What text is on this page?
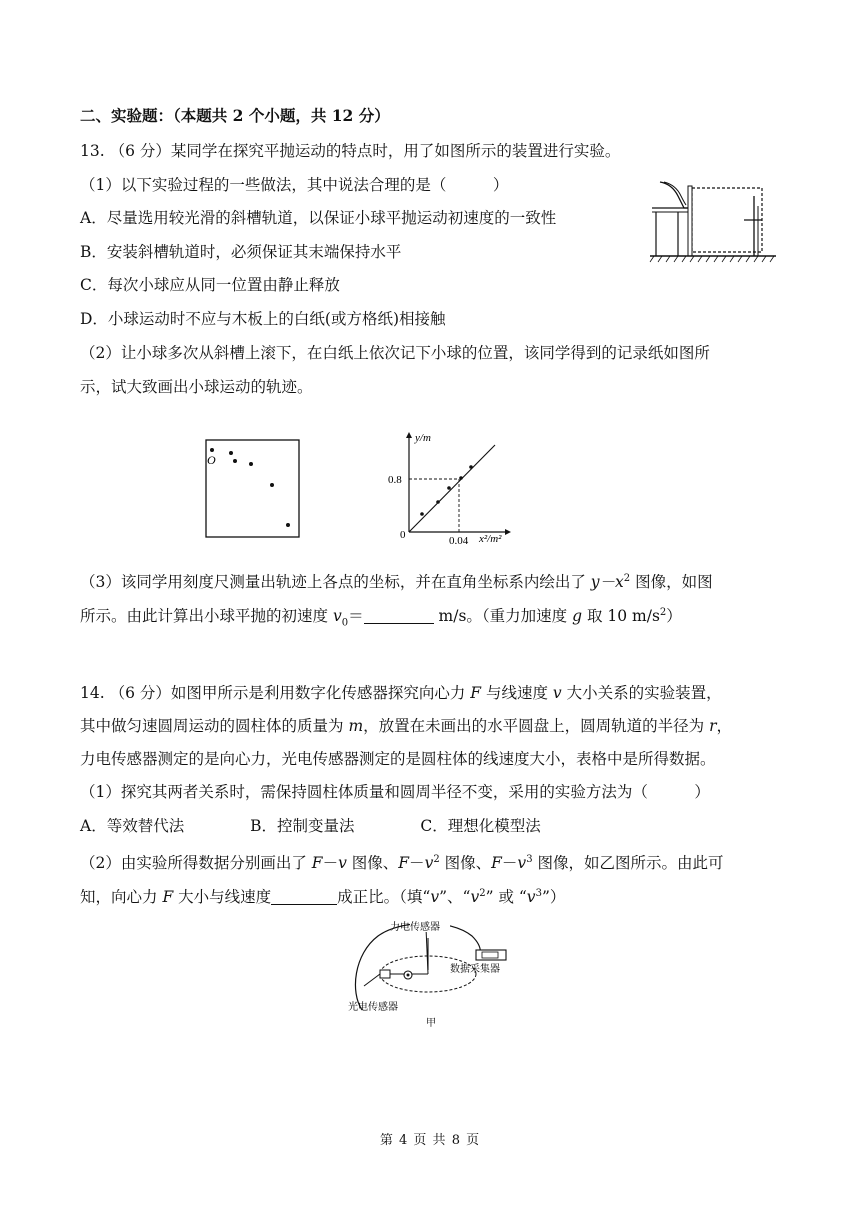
二、实验题：（本题共 2 个小题，共 12 分）
13. （6 分）某同学在探究平抛运动的特点时，用了如图所示的装置进行实验。
（1）以下实验过程的一些做法，其中说法合理的是（　　　）
A．尽量选用较光滑的斜槽轨道，以保证小球平抛运动初速度的一致性
B．安装斜槽轨道时，必须保证其末端保持水平
C．每次小球应从同一位置由静止释放
D．小球运动时不应与木板上的白纸(或方格纸)相接触
（2）让小球多次从斜槽上滚下，在白纸上依次记下小球的位置，该同学得到的记录纸如图所
示，试大致画出小球运动的轨迹。
O
y/m
0.8
0	0.04 x²/m²
（3）该同学用刻度尺测量出轨迹上各点的坐标，并在直角坐标系内绘出了 $y-x^2$ 图像，如图
所示。由此计算出小球平抛的初速度 $v_0=$	m/s。（重力加速度 g 取 10 $m/s^2$）
14. （6 分）如图甲所示是利用数字化传感器探究向心力 F 与线速度 v 大小关系的实验装置，
其中做匀速圆周运动的圆柱体的质量为 m，放置在未画出的水平圆盘上，圆周轨道的半径为 r，
力电传感器测定的是向心力，光电传感器测定的是圆柱体的线速度大小，表格中是所得数据。
（1）探究其两者关系时，需保持圆柱体质量和圆周半径不变，采用的实验方法为（　　　）
A．等效替代法	B．控制变量法	C．理想化模型法
（2）由实验所得数据分别画出了 F－v 图像、$F-v^2$ 图像、$F-v^3$ 图像，如乙图所示。由此可
知，向心力 F 大小与线速度	成正比。（填“v”、“$v^2$” 或 “$v^3$”）
力电传感器
数据采集器
光电传感器
甲
第 4 页 共 8 页
